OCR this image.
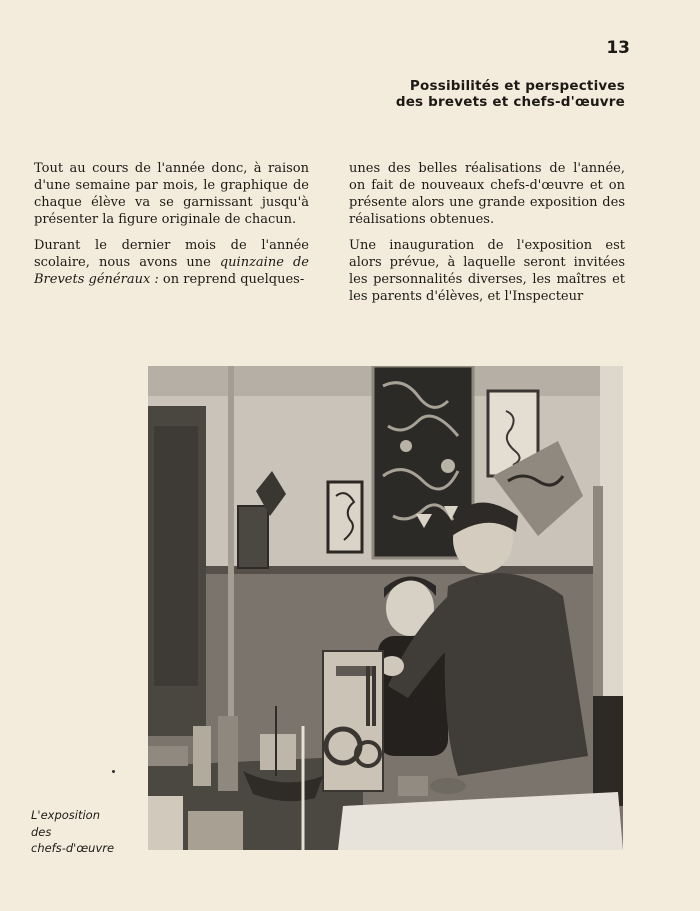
13
Possibilités et perspectives
des brevets et chefs-d'œuvre

Tout au cours de l'année donc, à raison d'une semaine par mois, le graphique de chaque élève va se garnissant jusqu'à présenter la figure originale de chacun.

Durant le dernier mois de l'année scolaire, nous avons une quinzaine de Brevets généraux : on reprend quelques-

unes des belles réalisations de l'année, on fait de nouveaux chefs-d'œuvre et on présente alors une grande exposition des réalisations obtenues.

Une inauguration de l'exposition est alors prévue, à laquelle seront invitées les personnalités diverses, les maîtres et les parents d'élèves, et l'Inspecteur

L'exposition
des
chefs-d'œuvre
